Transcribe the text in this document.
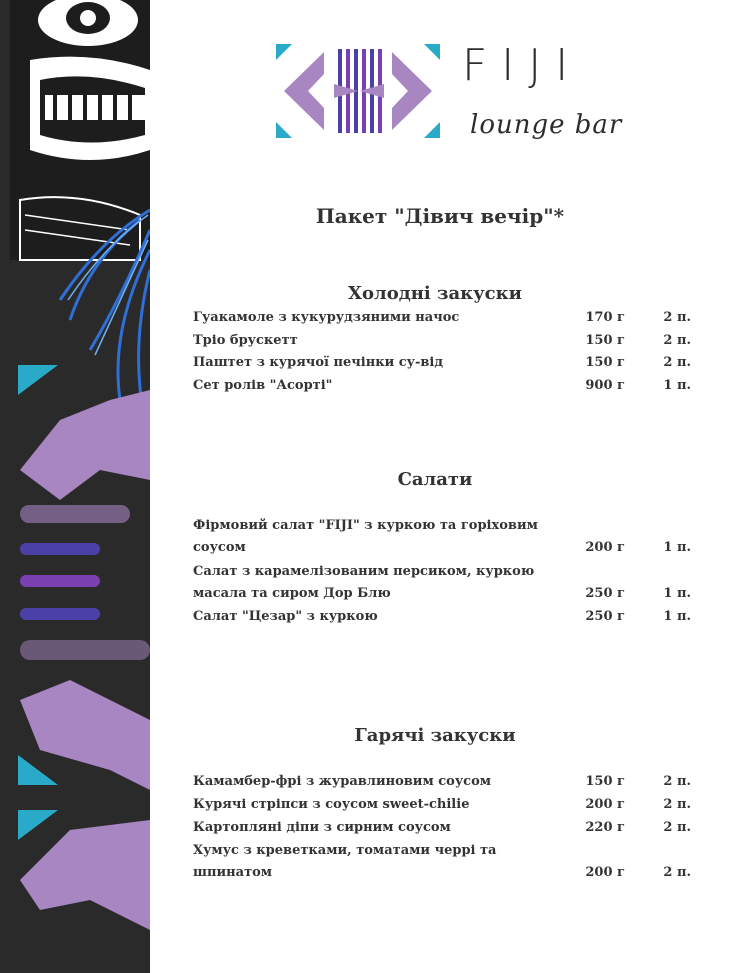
FIJI
lounge bar
Пакет "Дівич вечір"*
Холодні закуски
Гуакамоле з кукурудзяними начос	170 г	2 п.
Тріо брускетт	150 г	2 п.
Паштет з курячої печінки су-від	150 г	2 п.
Сет ролів "Асорті"	900 г	1 п.
Салати
Фірмовий салат "FIJI" з куркою та горіховим соусом	200 г	1 п.
Салат з карамелізованим персиком, куркою масала та сиром Дор Блю	250 г	1 п.
Салат "Цезар" з куркою	250 г	1 п.
Гарячі закуски
Камамбер-фрі з журавлиновим соусом	150 г	2 п.
Курячі стріпси з соусом sweet-chilie	200 г	2 п.
Картопляні діпи з сирним соусом	220 г	2 п.
Хумус з креветками, томатами черрі та шпинатом	200 г	2 п.
